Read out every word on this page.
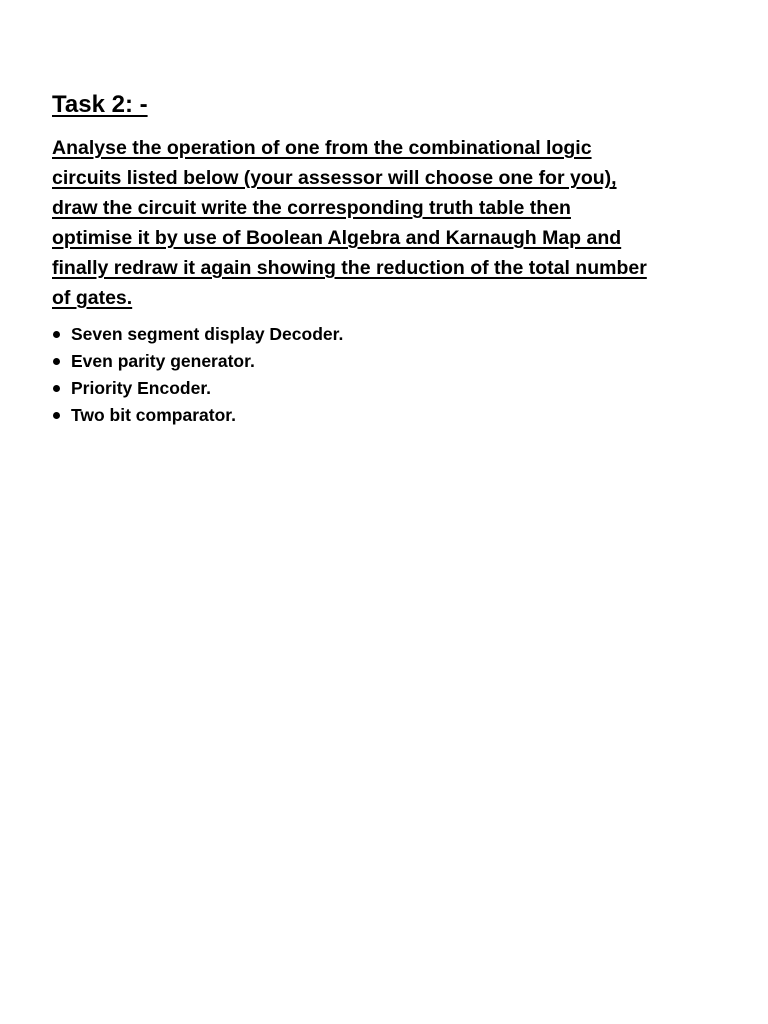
Task 2: -

Analyse the operation of one from the combinational logic
circuits listed below (your assessor will choose one for you),
draw the circuit write the corresponding truth table then
optimise it by use of Boolean Algebra and Karnaugh Map and
finally redraw it again showing the reduction of the total number
of gates.

Seven segment display Decoder.
Even parity generator.
Priority Encoder.
Two bit comparator.
